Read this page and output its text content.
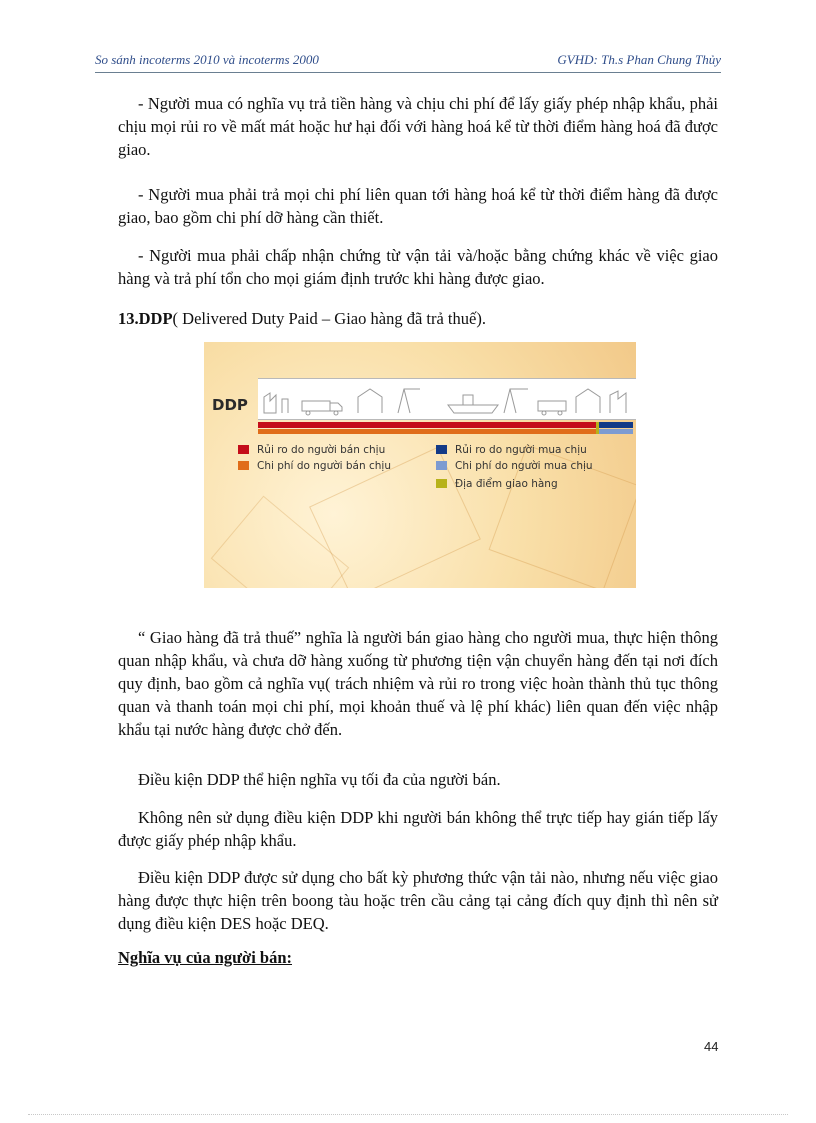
So sánh incoterms 2010 và incoterms 2000	GVHD: Th.s Phan Chung Thủy

- Người mua có nghĩa vụ trả tiền hàng và chịu chi phí để lấy giấy phép nhập khẩu, phải chịu mọi rủi ro về mất mát hoặc hư hại đối với hàng hoá kể từ thời điểm hàng hoá đã được giao.

- Người mua phải trả mọi chi phí liên quan tới hàng hoá kể từ thời điểm hàng đã được giao, bao gồm chi phí dỡ hàng cần thiết.

- Người mua phải chấp nhận chứng từ vận tải và/hoặc bằng chứng khác về việc giao hàng và trả phí tổn cho mọi giám định trước khi hàng được giao.

13.DDP( Delivered Duty Paid – Giao hàng đã trả thuế).
DDP
Rủi ro do người bán chịu
Chi phí do người bán chịu
Rủi ro do người mua chịu
Chi phí do người mua chịu
Địa điểm giao hàng

“ Giao hàng đã trả thuế” nghĩa là người bán giao hàng cho người mua, thực hiện thông quan nhập khẩu, và chưa dỡ hàng xuống từ phương tiện vận chuyển hàng đến tại nơi đích quy định, bao gồm cả nghĩa vụ( trách nhiệm và rủi ro trong việc hoàn thành thủ tục thông quan và thanh toán mọi chi phí, mọi khoản thuế và lệ phí khác) liên quan đến việc nhập khẩu tại nước hàng được chở đến.

Điều kiện DDP thể hiện nghĩa vụ tối đa của người bán.

Không nên sử dụng điều kiện DDP khi người bán không thể trực tiếp hay gián tiếp lấy được giấy phép nhập khẩu.

Điều kiện DDP được sử dụng cho bất kỳ phương thức vận tải nào, nhưng nếu việc giao hàng được thực hiện trên boong tàu hoặc trên cầu cảng tại cảng đích quy định thì nên sử dụng điều kiện DES hoặc DEQ.

Nghĩa vụ của người bán:
44
